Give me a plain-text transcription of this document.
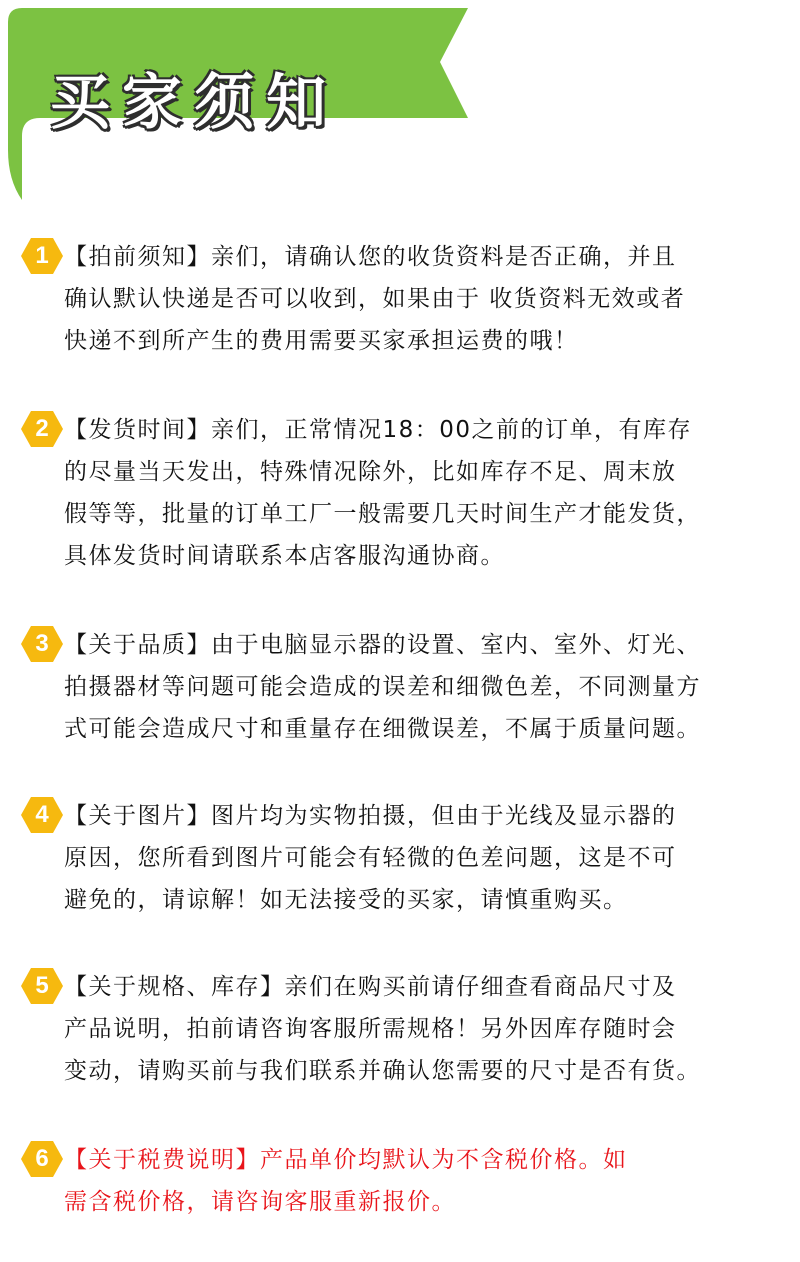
买家须知
1 【拍前须知】亲们，请确认您的收货资料是否正确，并且
确认默认快递是否可以收到，如果由于 收货资料无效或者
快递不到所产生的费用需要买家承担运费的哦！

2 【发货时间】亲们，正常情况18：00之前的订单，有库存
的尽量当天发出，特殊情况除外，比如库存不足、周末放
假等等，批量的订单工厂一般需要几天时间生产才能发货，
具体发货时间请联系本店客服沟通协商。

3 【关于品质】由于电脑显示器的设置、室内、室外、灯光、
拍摄器材等问题可能会造成的误差和细微色差，不同测量方
式可能会造成尺寸和重量存在细微误差，不属于质量问题。

4 【关于图片】图片均为实物拍摄，但由于光线及显示器的
原因，您所看到图片可能会有轻微的色差问题，这是不可
避免的，请谅解！如无法接受的买家，请慎重购买。

5 【关于规格、库存】亲们在购买前请仔细查看商品尺寸及
产品说明，拍前请咨询客服所需规格！另外因库存随时会
变动，请购买前与我们联系并确认您需要的尺寸是否有货。

6 【关于税费说明】产品单价均默认为不含税价格。如
需含税价格，请咨询客服重新报价。
